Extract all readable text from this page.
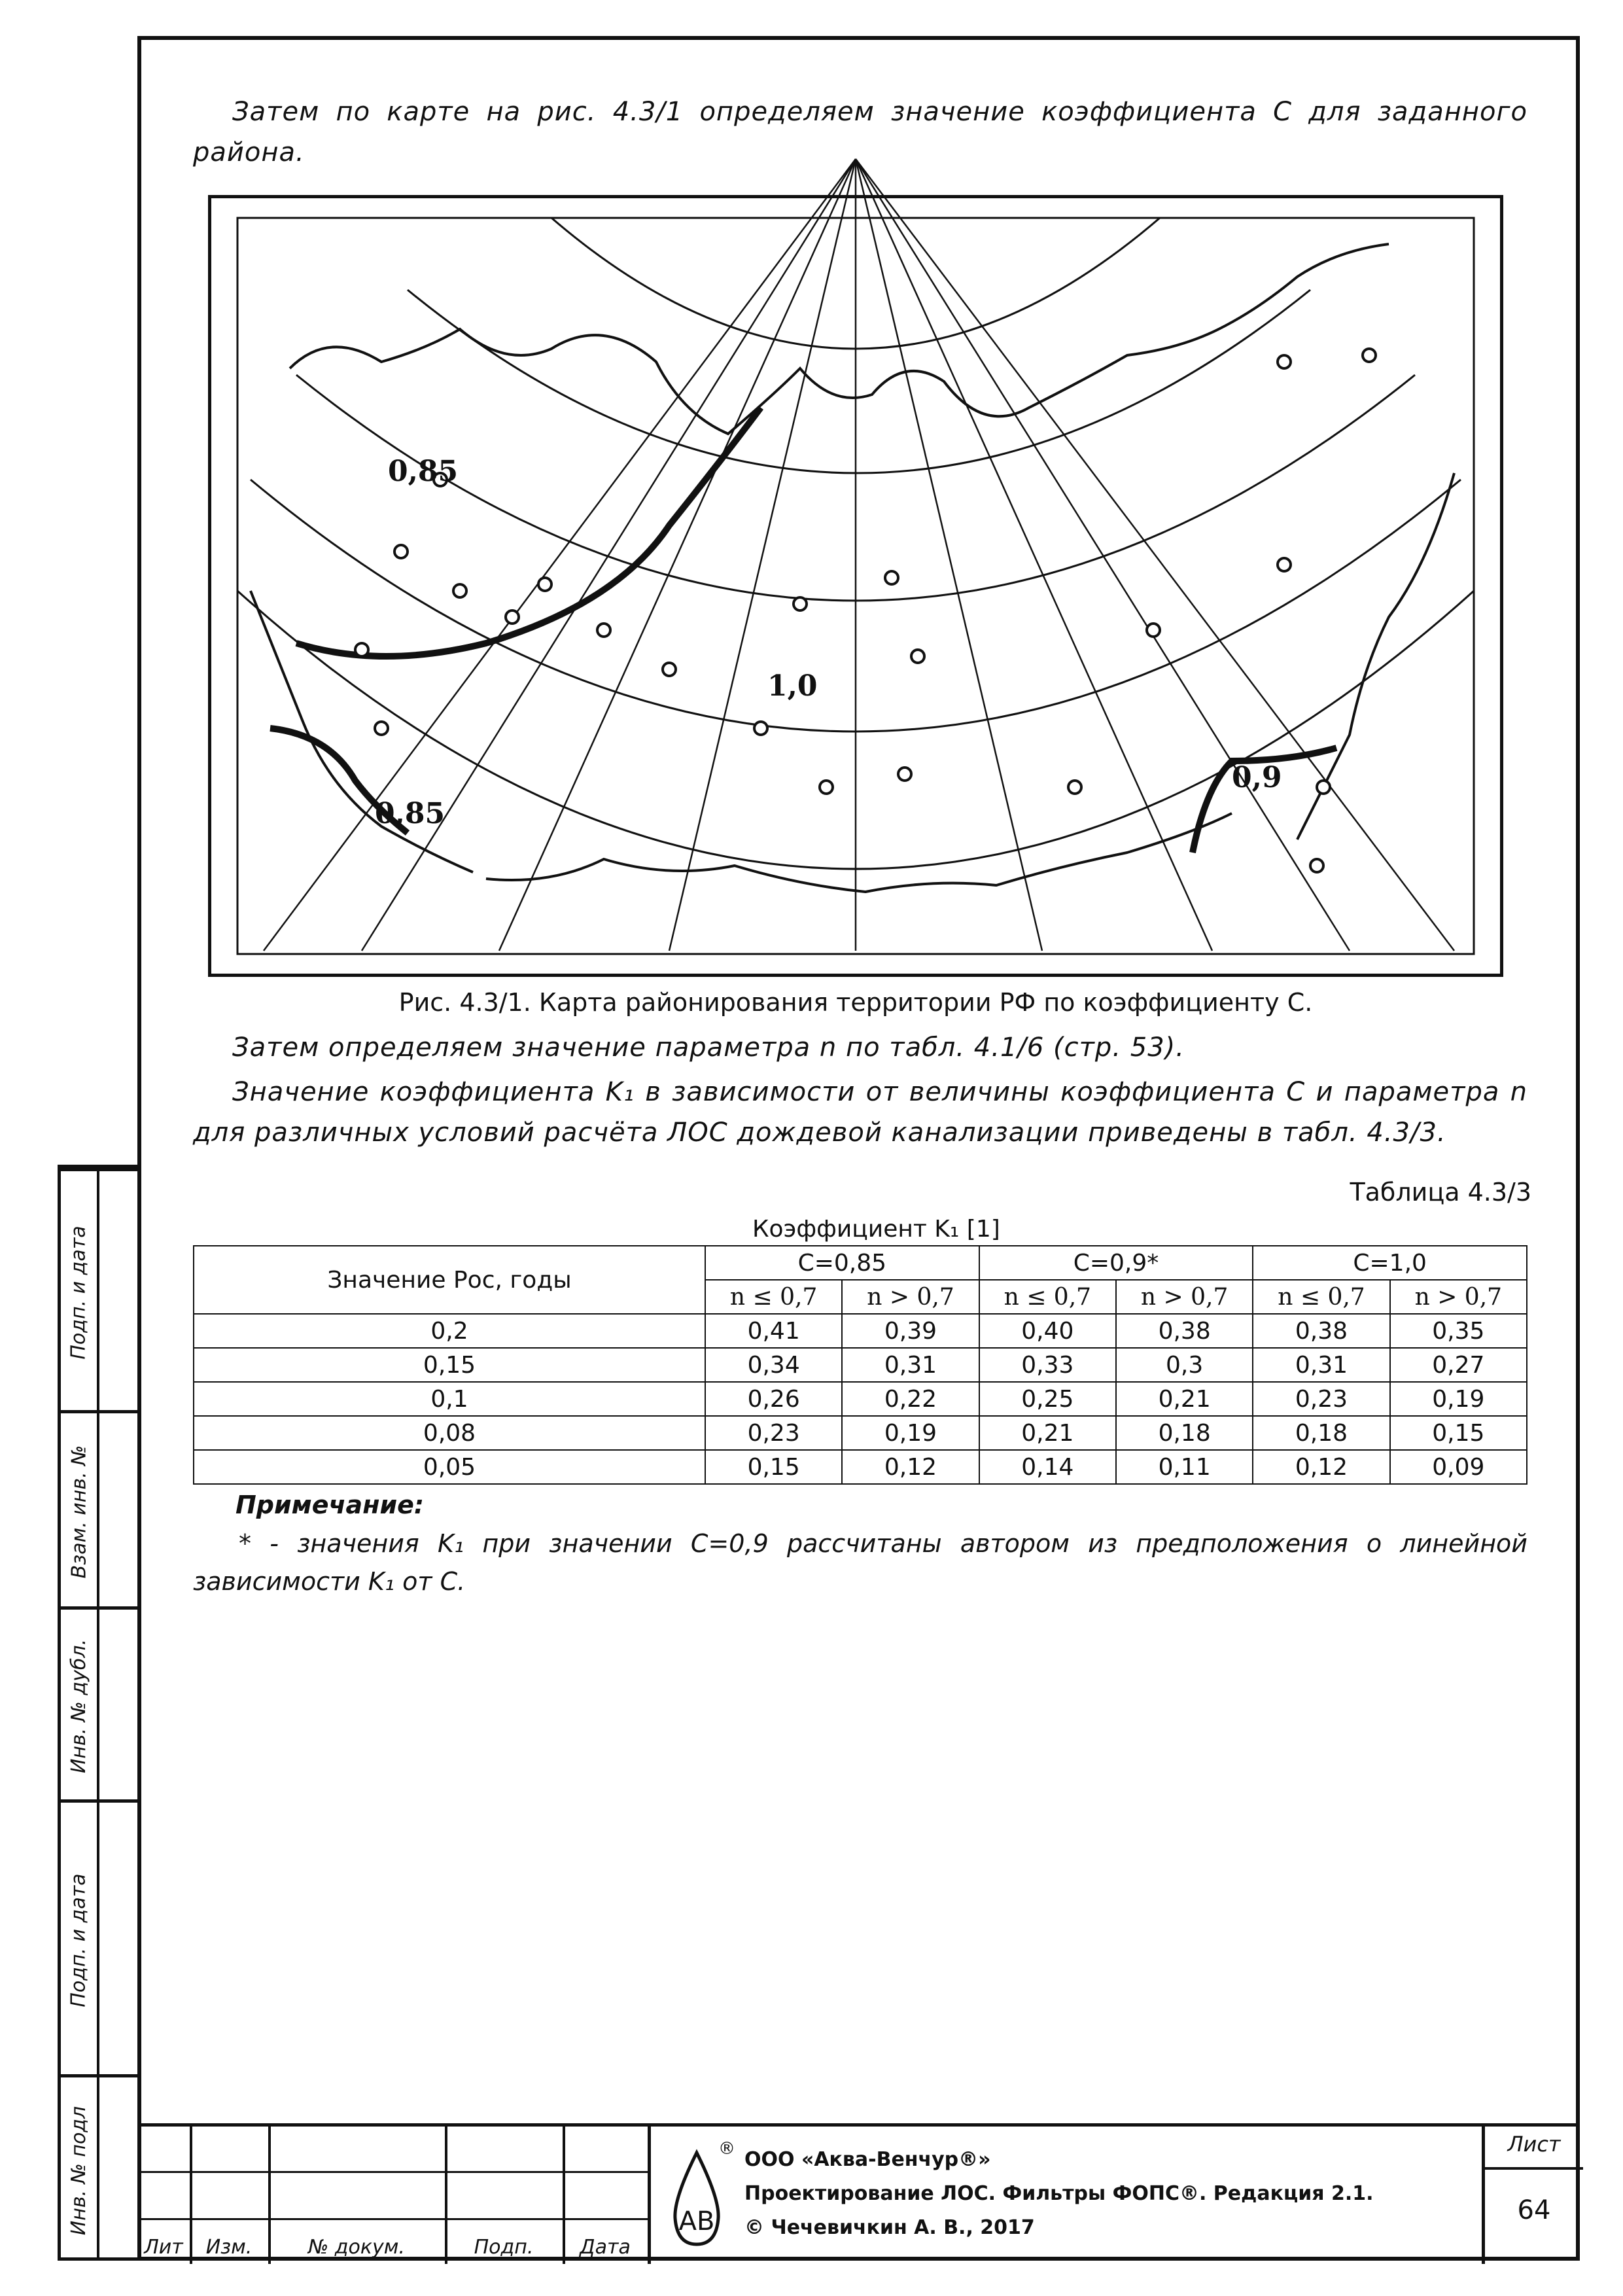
Подп. и дата
Взам. инв. №
Инв. № дубл.
Подп. и дата
Инв. № подл
Затем по карте на рис. 4.3/1 определяем значение коэффициента C для заданного района.
0,85
1,0
0,9
0,85
Рис. 4.3/1. Карта районирования территории РФ по коэффициенту C.
Затем определяем значение параметра n по табл. 4.1/6 (стр. 53).
Значение коэффициента K₁ в зависимости от величины коэффициента C и параметра n для различных условий расчёта ЛОС дождевой канализации приведены в табл. 4.3/3.
Таблица 4.3/3
Коэффициент K₁ [1]
Значение Pос, годы	C=0,85		C=0,9*		C=1,0	
	n ≤ 0,7	n > 0,7	n ≤ 0,7	n > 0,7	n ≤ 0,7	n > 0,7
0,2	0,41	0,39	0,40	0,38	0,38	0,35
0,15	0,34	0,31	0,33	0,3	0,31	0,27
0,1	0,26	0,22	0,25	0,21	0,23	0,19
0,08	0,23	0,19	0,21	0,18	0,18	0,15
0,05	0,15	0,12	0,14	0,11	0,12	0,09
Примечание:
* - значения K₁ при значении C=0,9 рассчитаны автором из предположения о линейной зависимости K₁ от C.
Лит	Изм.	№ докум.	Подп.	Дата
Лист
64
АВ
® ООО «Аква-Венчур®»
Проектирование ЛОС. Фильтры ФОПС®. Редакция 2.1.
© Чечевичкин А. В., 2017
